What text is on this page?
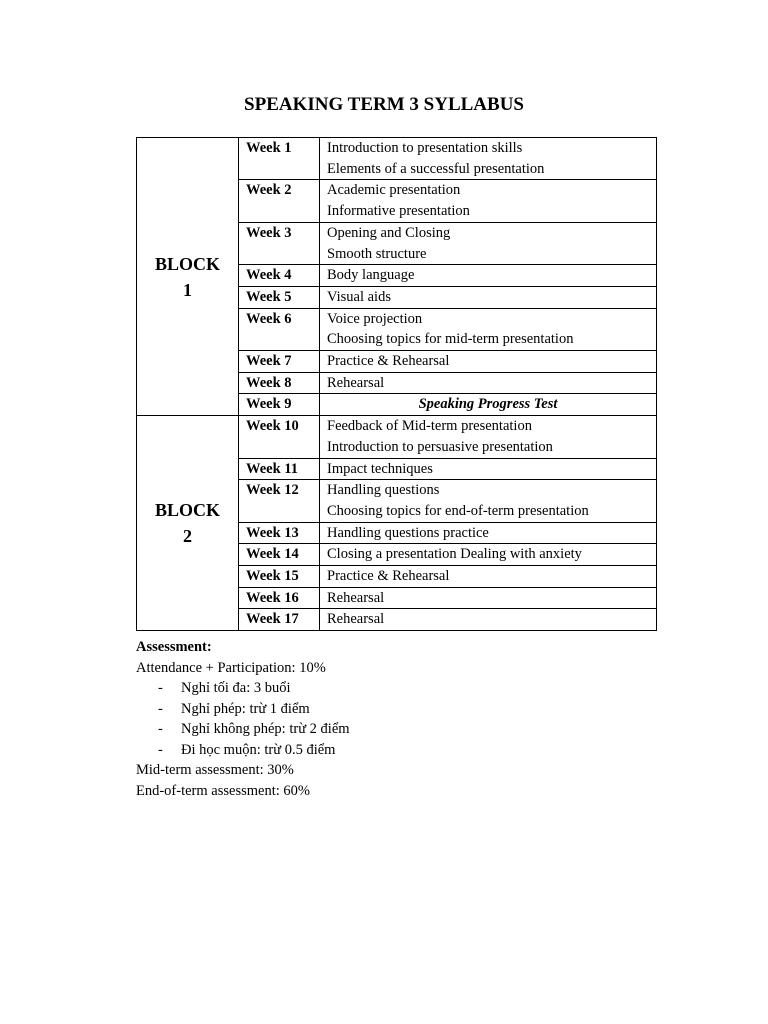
SPEAKING TERM 3 SYLLABUS
BLOCK
1	Week 1	Introduction to presentation skills
Elements of a successful presentation

	Week 2	Academic presentation
Informative presentation

	Week 3	Opening and Closing
Smooth structure

	Week 4	Body language

	Week 5	Visual aids

	Week 6	Voice projection
Choosing topics for mid-term presentation

	Week 7	Practice & Rehearsal

	Week 8	Rehearsal

	Week 9	Speaking Progress Test

BLOCK
2	Week 10	Feedback of Mid-term presentation
Introduction to persuasive presentation

	Week 11	Impact techniques

	Week 12	Handling questions
Choosing topics for end-of-term presentation

	Week 13	Handling questions practice

	Week 14	Closing a presentation Dealing with anxiety

	Week 15	Practice & Rehearsal

	Week 16	Rehearsal

	Week 17	Rehearsal
Assessment:
Attendance + Participation: 10%
- Nghỉ tối đa: 3 buổi
- Nghỉ phép: trừ 1 điểm
- Nghỉ không phép: trừ 2 điểm
- Đi học muộn: trừ 0.5 điểm
Mid-term assessment: 30%
End-of-term assessment: 60%
